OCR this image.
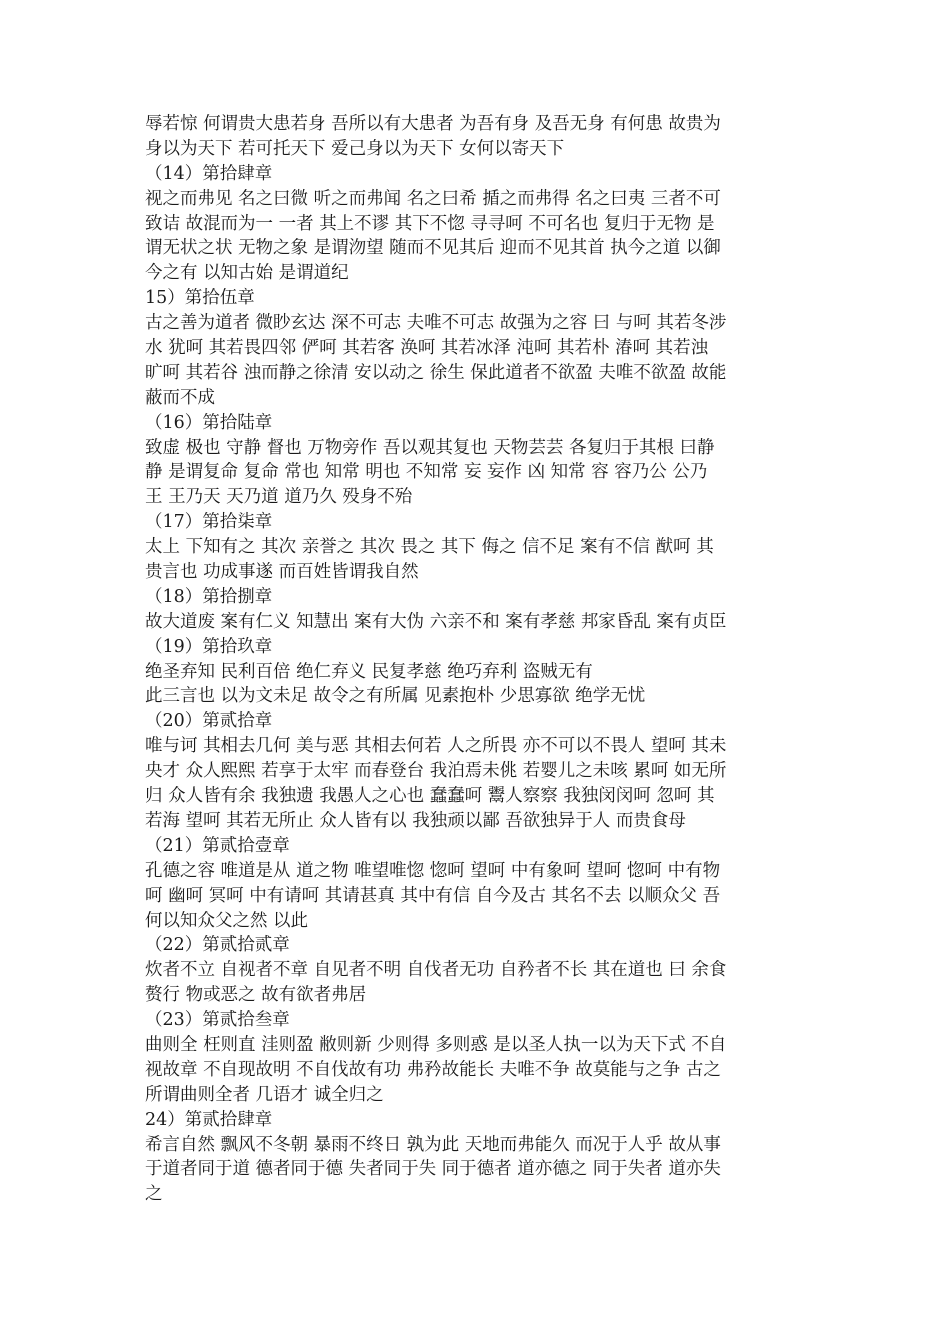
辱若惊 何谓贵大患若身 吾所以有大患者 为吾有身 及吾无身 有何患 故贵为
身以为天下 若可托天下 爱己身以为天下 女何以寄天下
（14）第拾肆章
视之而弗见 名之曰微 听之而弗闻 名之曰希 揗之而弗得 名之曰夷 三者不可
致诘 故混而为一 一者 其上不谬 其下不惚 寻寻呵 不可名也 复归于无物 是
谓无状之状 无物之象 是谓沕望 随而不见其后 迎而不见其首 执今之道 以御
今之有 以知古始 是谓道纪
15）第拾伍章
古之善为道者 微眇玄达 深不可志 夫唯不可志 故强为之容 曰 与呵 其若冬涉
水 犹呵 其若畏四邻 俨呵 其若客 涣呵 其若冰泽 沌呵 其若朴 湷呵 其若浊
旷呵 其若谷 浊而静之徐清 安以动之 徐生 保此道者不欲盈 夫唯不欲盈 故能
蔽而不成
（16）第拾陆章
致虚 极也 守静 督也 万物旁作 吾以观其复也 天物芸芸 各复归于其根 曰静
静 是谓复命 复命 常也 知常 明也 不知常 妄 妄作 凶 知常 容 容乃公 公乃
王 王乃天 天乃道 道乃久 殁身不殆
（17）第拾柒章
太上 下知有之 其次 亲誉之 其次 畏之 其下 侮之 信不足 案有不信 猷呵 其
贵言也 功成事遂 而百姓皆谓我自然
（18）第拾捌章
故大道废 案有仁义 知慧出 案有大伪 六亲不和 案有孝慈 邦家昏乱 案有贞臣
（19）第拾玖章
绝圣弃知 民利百倍 绝仁弃义 民复孝慈 绝巧弃利 盗贼无有
此三言也 以为文未足 故令之有所属 见素抱朴 少思寡欲 绝学无忧
（20）第贰拾章
唯与诃 其相去几何 美与恶 其相去何若 人之所畏 亦不可以不畏人 望呵 其未
央才 众人熙熙 若享于太牢 而春登台 我泊焉未佻 若婴儿之未咳 累呵 如无所
归 众人皆有余 我独遗 我愚人之心也 蠢蠢呵 鬻人察察 我独闵闵呵 忽呵 其
若海 望呵 其若无所止 众人皆有以 我独顽以鄙 吾欲独异于人 而贵食母
（21）第贰拾壹章
孔德之容 唯道是从 道之物 唯望唯惚 惚呵 望呵 中有象呵 望呵 惚呵 中有物
呵 幽呵 冥呵 中有请呵 其请甚真 其中有信 自今及古 其名不去 以顺众父 吾
何以知众父之然 以此
（22）第贰拾贰章
炊者不立 自视者不章 自见者不明 自伐者无功 自矜者不长 其在道也 曰 余食
赘行 物或恶之 故有欲者弗居
（23）第贰拾叁章
曲则全 枉则直 洼则盈 敝则新 少则得 多则惑 是以圣人执一以为天下式 不自
视故章 不自现故明 不自伐故有功 弗矜故能长 夫唯不争 故莫能与之争 古之
所谓曲则全者 几语才 诚全归之
24）第贰拾肆章
希言自然 飘风不冬朝 暴雨不终日 孰为此 天地而弗能久 而况于人乎 故从事
于道者同于道 德者同于德 失者同于失 同于德者 道亦德之 同于失者 道亦失
之
